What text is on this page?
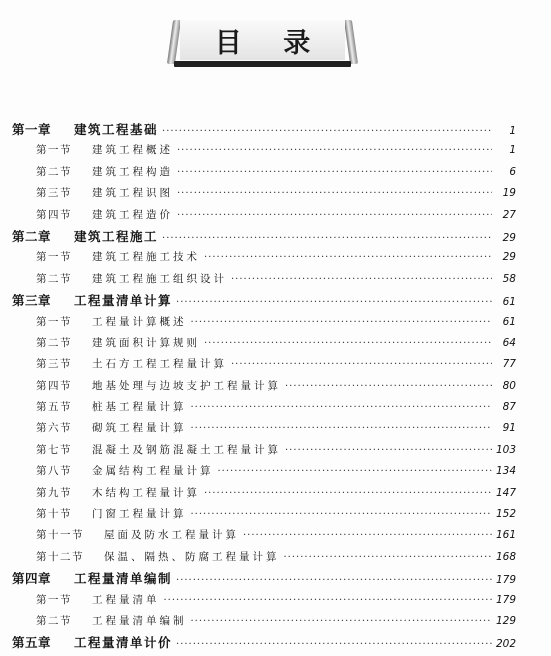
目 录
第一章	建筑工程基础 ·····	1
第一节	建筑工程概述 ·····	1
第二节	建筑工程构造 ·····	6
第三节	建筑工程识图 ·····	19
第四节	建筑工程造价 ·····	27
第二章	建筑工程施工 ·····	29
第一节	建筑工程施工技术 ·····	29
第二节	建筑工程施工组织设计 ·····	58
第三章	工程量清单计算 ·····	61
第一节	工程量计算概述 ·····	61
第二节	建筑面积计算规则 ·····	64
第三节	土石方工程工程量计算 ·····	77
第四节	地基处理与边坡支护工程量计算 ·····	80
第五节	桩基工程量计算 ·····	87
第六节	砌筑工程量计算 ·····	91
第七节	混凝土及钢筋混凝土工程量计算 ·····	103
第八节	金属结构工程量计算 ·····	134
第九节	木结构工程量计算 ·····	147
第十节	门窗工程量计算 ·····	152
第十一节	屋面及防水工程量计算 ·····	161
第十二节	保温、隔热、防腐工程量计算 ·····	168
第四章	工程量清单编制 ·····	179
第一节	工程量清单 ·····	179
第二节	工程量清单编制 ·····	129
第五章	工程量清单计价 ·····	202
